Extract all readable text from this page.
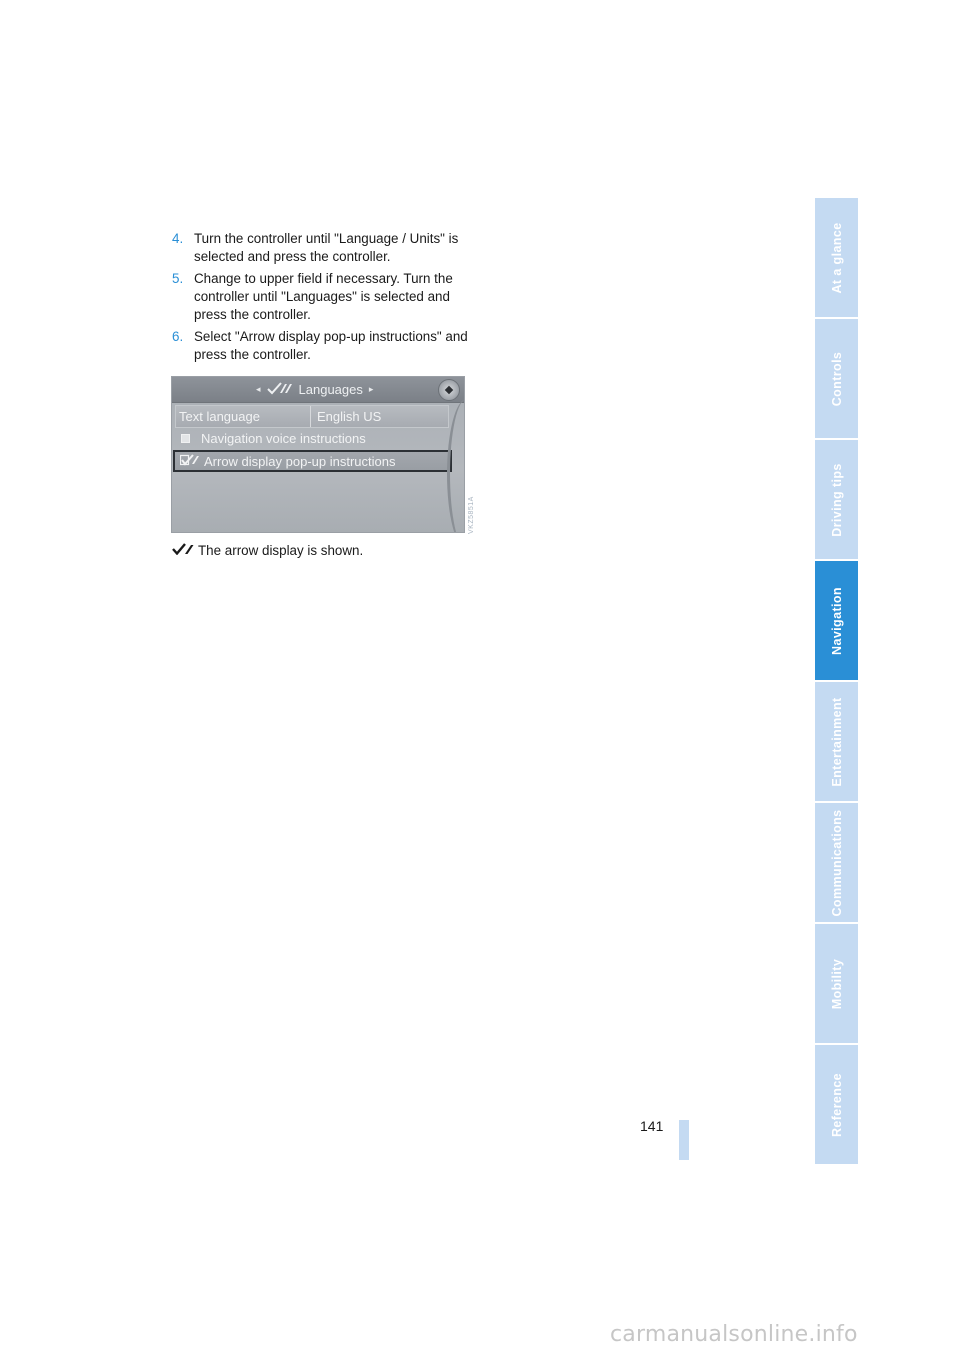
4. Turn the controller until "Language / Units" is selected and press the controller.
5. Change to upper field if necessary. Turn the controller until "Languages" is selected and press the controller.
6. Select "Arrow display pop-up instructions" and press the controller.
◂	Languages ▸
Text language	English US
Navigation voice instructions
Arrow display pop-up instructions
VKZ5851A
The arrow display is shown.
At a glance
Controls
Driving tips
Navigation
Entertainment
Communications
Mobility
Reference
141
carmanualsonline.info
